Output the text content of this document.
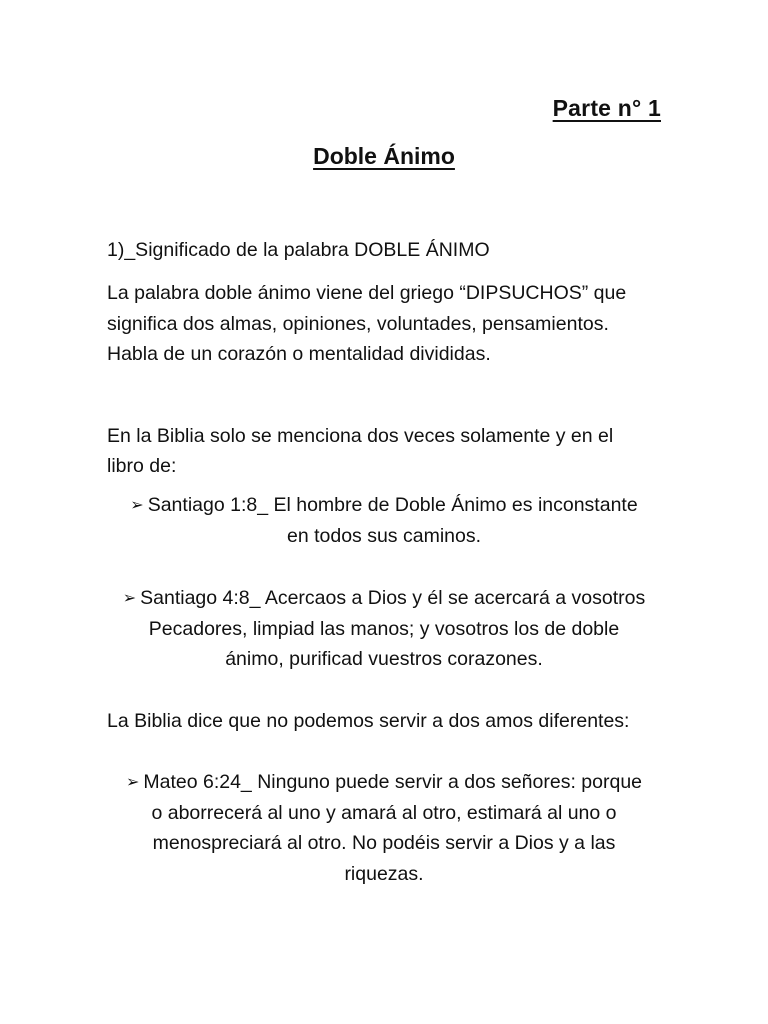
Parte n° 1
Doble Ánimo
1)_Significado de la palabra DOBLE ÁNIMO
La palabra doble ánimo viene del griego “DIPSUCHOS” que
significa dos almas, opiniones, voluntades, pensamientos.
Habla de un corazón o mentalidad divididas.
En la Biblia solo se menciona dos veces solamente y en el
libro de:
➢ Santiago 1:8_ El hombre de Doble Ánimo es inconstante
en todos sus caminos.
➢ Santiago 4:8_ Acercaos a Dios y él se acercará a vosotros
Pecadores, limpiad las manos; y vosotros los de doble
ánimo, purificad vuestros corazones.
La Biblia dice que no podemos servir a dos amos diferentes:
➢ Mateo 6:24_ Ninguno puede servir a dos señores: porque
o aborrecerá al uno y amará al otro, estimará al uno o
menospreciará al otro. No podéis servir a Dios y a las
riquezas.
